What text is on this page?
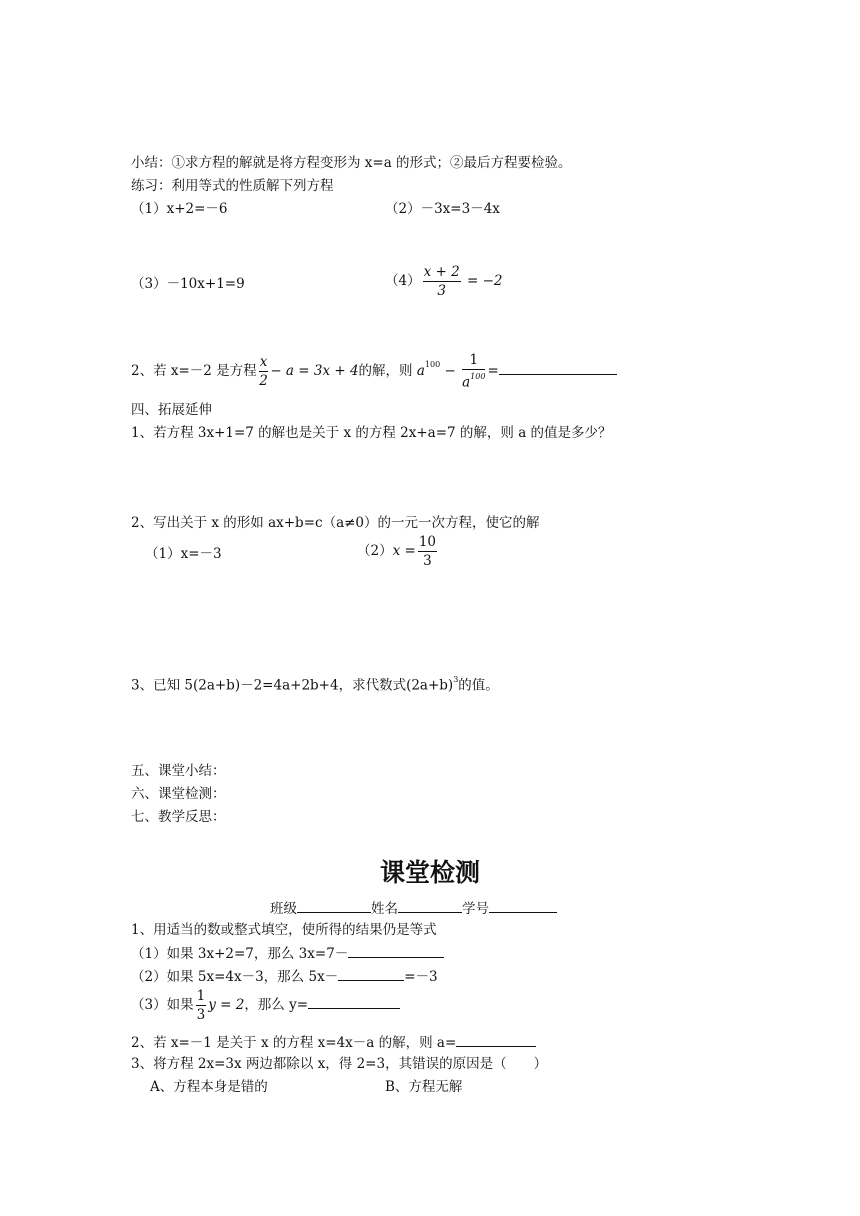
小结：①求方程的解就是将方程变形为 x=a 的形式；②最后方程要检验。
练习：利用等式的性质解下列方程
（1）x+2=－6	（2）－3x=3－4x
（3）－10x+1=9	$(4) \frac{x + 2}{3} = -2$
2、若 x=－2 是方程 $\frac{x}{2} - a = 3x + 4$的解，则 $a^{100} - \frac{1}{a^{100}}$ =
四、拓展延伸
1、若方程 3x+1=7 的解也是关于 x 的方程 2x+a=7 的解，则 a 的值是多少？
2、写出关于 x 的形如 ax+b=c（a≠0）的一元一次方程，使它的解
（1）x=－3	$(2)x = \frac{10}{3}$
3、已知 5(2a+b)－2=4a+2b+4，求代数式$(2a+b)^3$的值。
五、课堂小结：
六、课堂检测：
七、教学反思：
课堂检测
班级	姓名	学号
1、用适当的数或整式填空，使所得的结果仍是等式
（1）如果 3x+2=7，那么 3x=7－
（2）如果 5x=4x－3，那么 5x－	=－3
（3）如果 $\frac{1}{3}$ y = 2，那么 y=
2、若 x=－1 是关于 x 的方程 x=4x－a 的解，则 a=
3、将方程 2x=3x 两边都除以 x，得 2=3，其错误的原因是（　　）
A、方程本身是错的	B、方程无解
